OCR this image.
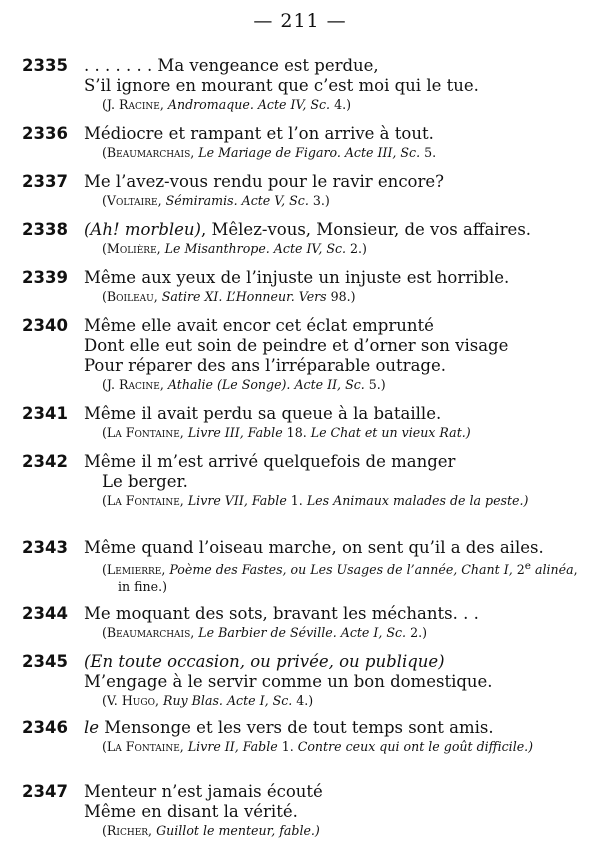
— 211 —
2335 . . . . . . . Ma vengeance est perdue,
S’il ignore en mourant que c’est moi qui le tue.
(J. Racine, Andromaque. Acte IV, Sc. 4.)
2336 Médiocre et rampant et l’on arrive à tout.
(Beaumarchais, Le Mariage de Figaro. Acte III, Sc. 5.
2337 Me l’avez-vous rendu pour le ravir encore?
(Voltaire, Sémiramis. Acte V, Sc. 3.)
2338 (Ah! morbleu), Mêlez-vous, Monsieur, de vos affaires.
(Molière, Le Misanthrope. Acte IV, Sc. 2.)
2339 Même aux yeux de l’injuste un injuste est horrible.
(Boileau, Satire XI. L’Honneur. Vers 98.)
2340 Même elle avait encor cet éclat emprunté
Dont elle eut soin de peindre et d’orner son visage
Pour réparer des ans l’irréparable outrage.
(J. Racine, Athalie (Le Songe). Acte II, Sc. 5.)
2341 Même il avait perdu sa queue à la bataille.
(La Fontaine, Livre III, Fable 18. Le Chat et un vieux Rat.)
2342 Même il m’est arrivé quelquefois de manger
Le berger.
(La Fontaine, Livre VII, Fable 1. Les Animaux malades de la peste.)
2343 Même quand l’oiseau marche, on sent qu’il a des ailes.
(Lemierre, Poème des Fastes, ou Les Usages de l’année, Chant I, 2e alinéa, in fine.)
2344 Me moquant des sots, bravant les méchants. . .
(Beaumarchais, Le Barbier de Séville. Acte I, Sc. 2.)
2345 (En toute occasion, ou privée, ou publique)
M’engage à le servir comme un bon domestique.
(V. Hugo, Ruy Blas. Acte I, Sc. 4.)
2346 le Mensonge et les vers de tout temps sont amis.
(La Fontaine, Livre II, Fable 1. Contre ceux qui ont le goût difficile.)
2347 Menteur n’est jamais écouté
Même en disant la vérité.
(Richer, Guillot le menteur, fable.)
